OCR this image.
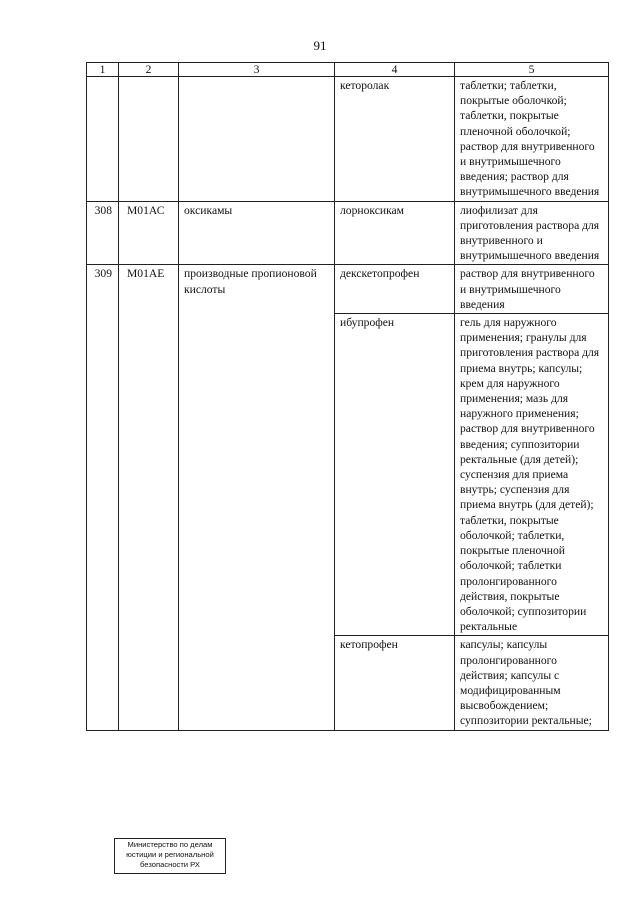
91
1	2	3	4	5
			кеторолак	таблетки; таблетки, покрытые оболочкой; таблетки, покрытые пленочной оболочкой; раствор для внутривенного и внутримышечного введения; раствор для внутримышечного введения
308	М01АС	оксикамы	лорноксикам	лиофилизат для приготовления раствора для внутривенного и внутримышечного введения
309	М01АЕ	производные пропионовой кислоты	декскетопрофен	раствор для внутривенного и внутримышечного введения
			ибупрофен	гель для наружного применения; гранулы для приготовления раствора для приема внутрь; капсулы; крем для наружного применения; мазь для наружного применения; раствор для внутривенного введения; суппозитории ректальные (для детей); суспензия для приема внутрь; суспензия для приема внутрь (для детей); таблетки, покрытые оболочкой; таблетки, покрытые пленочной оболочкой; таблетки пролонгированного действия, покрытые оболочкой; суппозитории ректальные
			кетопрофен	капсулы; капсулы пролонгированного действия; капсулы с модифицированным высвобождением; суппозитории ректальные;
Министерство по делам
юстиции и региональной
безопасности РХ
